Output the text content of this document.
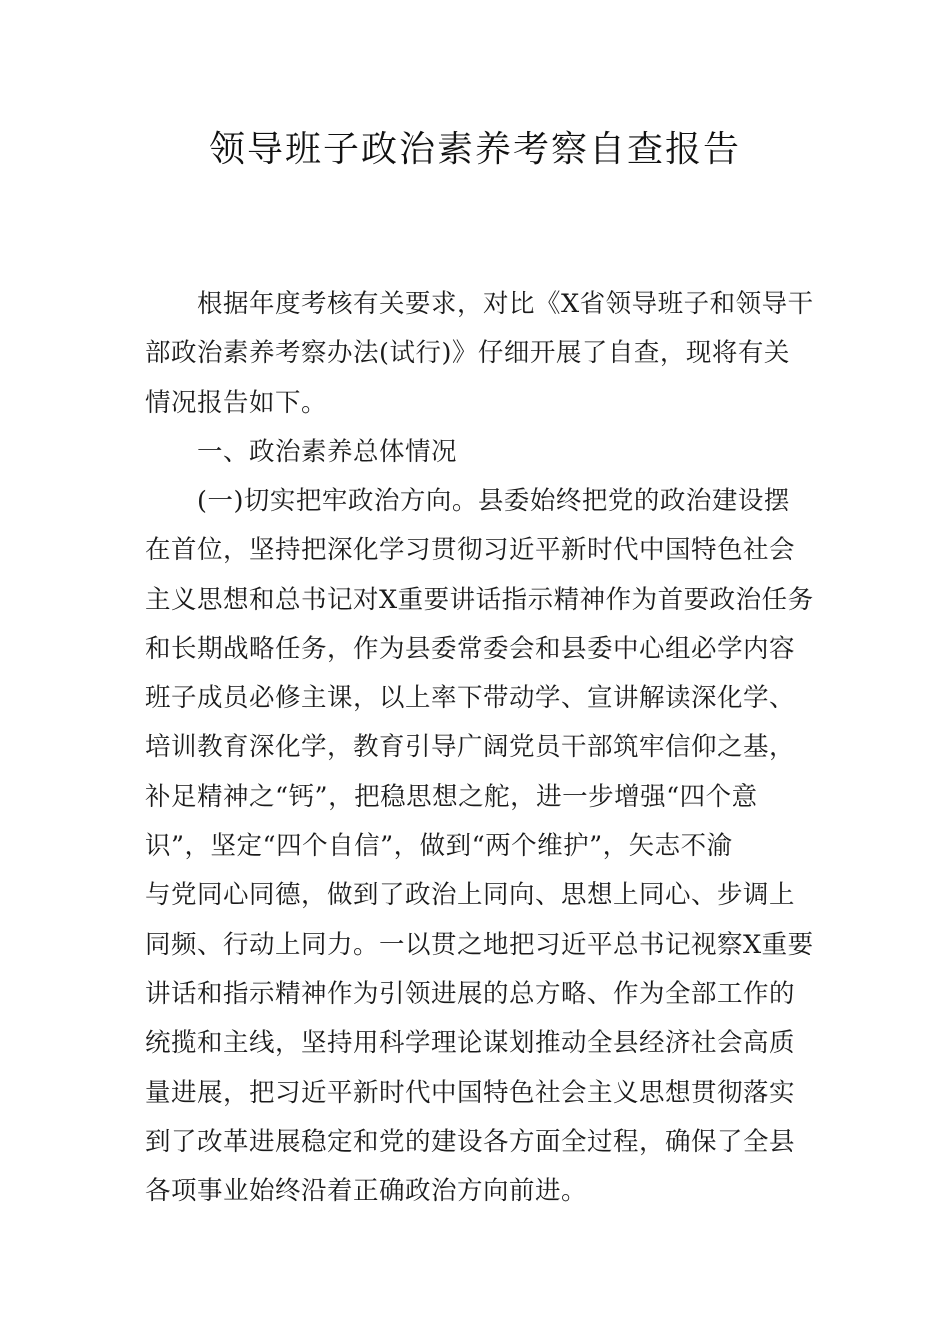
领导班子政治素养考察自查报告
根据年度考核有关要求，对比《X省领导班子和领导干
部政治素养考察办法(试行)》仔细开展了自查，现将有关
情况报告如下。
一、政治素养总体情况
(一)切实把牢政治方向。县委始终把党的政治建设摆
在首位，坚持把深化学习贯彻习近平新时代中国特色社会
主义思想和总书记对X重要讲话指示精神作为首要政治任务
和长期战略任务，作为县委常委会和县委中心组必学内容
班子成员必修主课，以上率下带动学、宣讲解读深化学、
培训教育深化学，教育引导广阔党员干部筑牢信仰之基，
补足精神之“钙”，把稳思想之舵，进一步增强“四个意
识”，坚定“四个自信”，做到“两个维护”，矢志不渝
与党同心同德，做到了政治上同向、思想上同心、步调上
同频、行动上同力。一以贯之地把习近平总书记视察X重要
讲话和指示精神作为引领进展的总方略、作为全部工作的
统揽和主线，坚持用科学理论谋划推动全县经济社会高质
量进展，把习近平新时代中国特色社会主义思想贯彻落实
到了改革进展稳定和党的建设各方面全过程，确保了全县
各项事业始终沿着正确政治方向前进。
